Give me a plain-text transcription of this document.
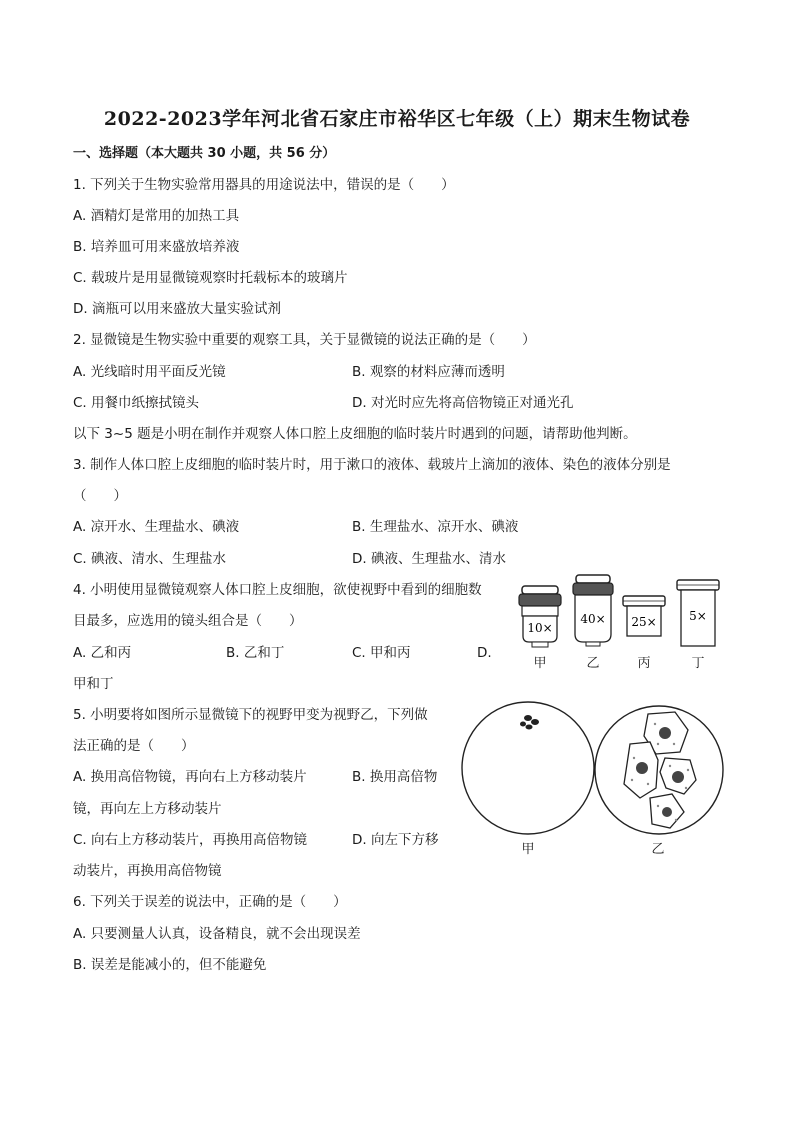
2022-2023学年河北省石家庄市裕华区七年级（上）期末生物试卷
一、选择题（本大题共 30 小题，共 56 分）
1. 下列关于生物实验常用器具的用途说法中，错误的是（　　）
A. 酒精灯是常用的加热工具
B. 培养皿可用来盛放培养液
C. 载玻片是用显微镜观察时托载标本的玻璃片
D. 滴瓶可以用来盛放大量实验试剂
2. 显微镜是生物实验中重要的观察工具，关于显微镜的说法正确的是（　　）
A. 光线暗时用平面反光镜	B. 观察的材料应薄而透明
C. 用餐巾纸擦拭镜头	D. 对光时应先将高倍物镜正对通光孔
以下 3~5 题是小明在制作并观察人体口腔上皮细胞的临时装片时遇到的问题，请帮助他判断。
3. 制作人体口腔上皮细胞的临时装片时，用于漱口的液体、载玻片上滴加的液体、染色的液体分别是
（　　）
A. 凉开水、生理盐水、碘液	B. 生理盐水、凉开水、碘液
C. 碘液、清水、生理盐水	D. 碘液、生理盐水、清水
4. 小明使用显微镜观察人体口腔上皮细胞，欲使视野中看到的细胞数
目最多，应选用的镜头组合是（　　）
A. 乙和丙	B. 乙和丁	C. 甲和丙	D.
甲和丁
10×
40× 25×	5×
甲	乙	丙	丁
5. 小明要将如图所示显微镜下的视野甲变为视野乙，下列做
法正确的是（　　）
A. 换用高倍物镜，再向右上方移动装片	B. 换用高倍物
镜，再向左上方移动装片
C. 向右上方移动装片，再换用高倍物镜	D. 向左下方移
动装片，再换用高倍物镜
甲	乙
6. 下列关于误差的说法中，正确的是（　　）
A. 只要测量人认真，设备精良，就不会出现误差
B. 误差是能减小的，但不能避免
